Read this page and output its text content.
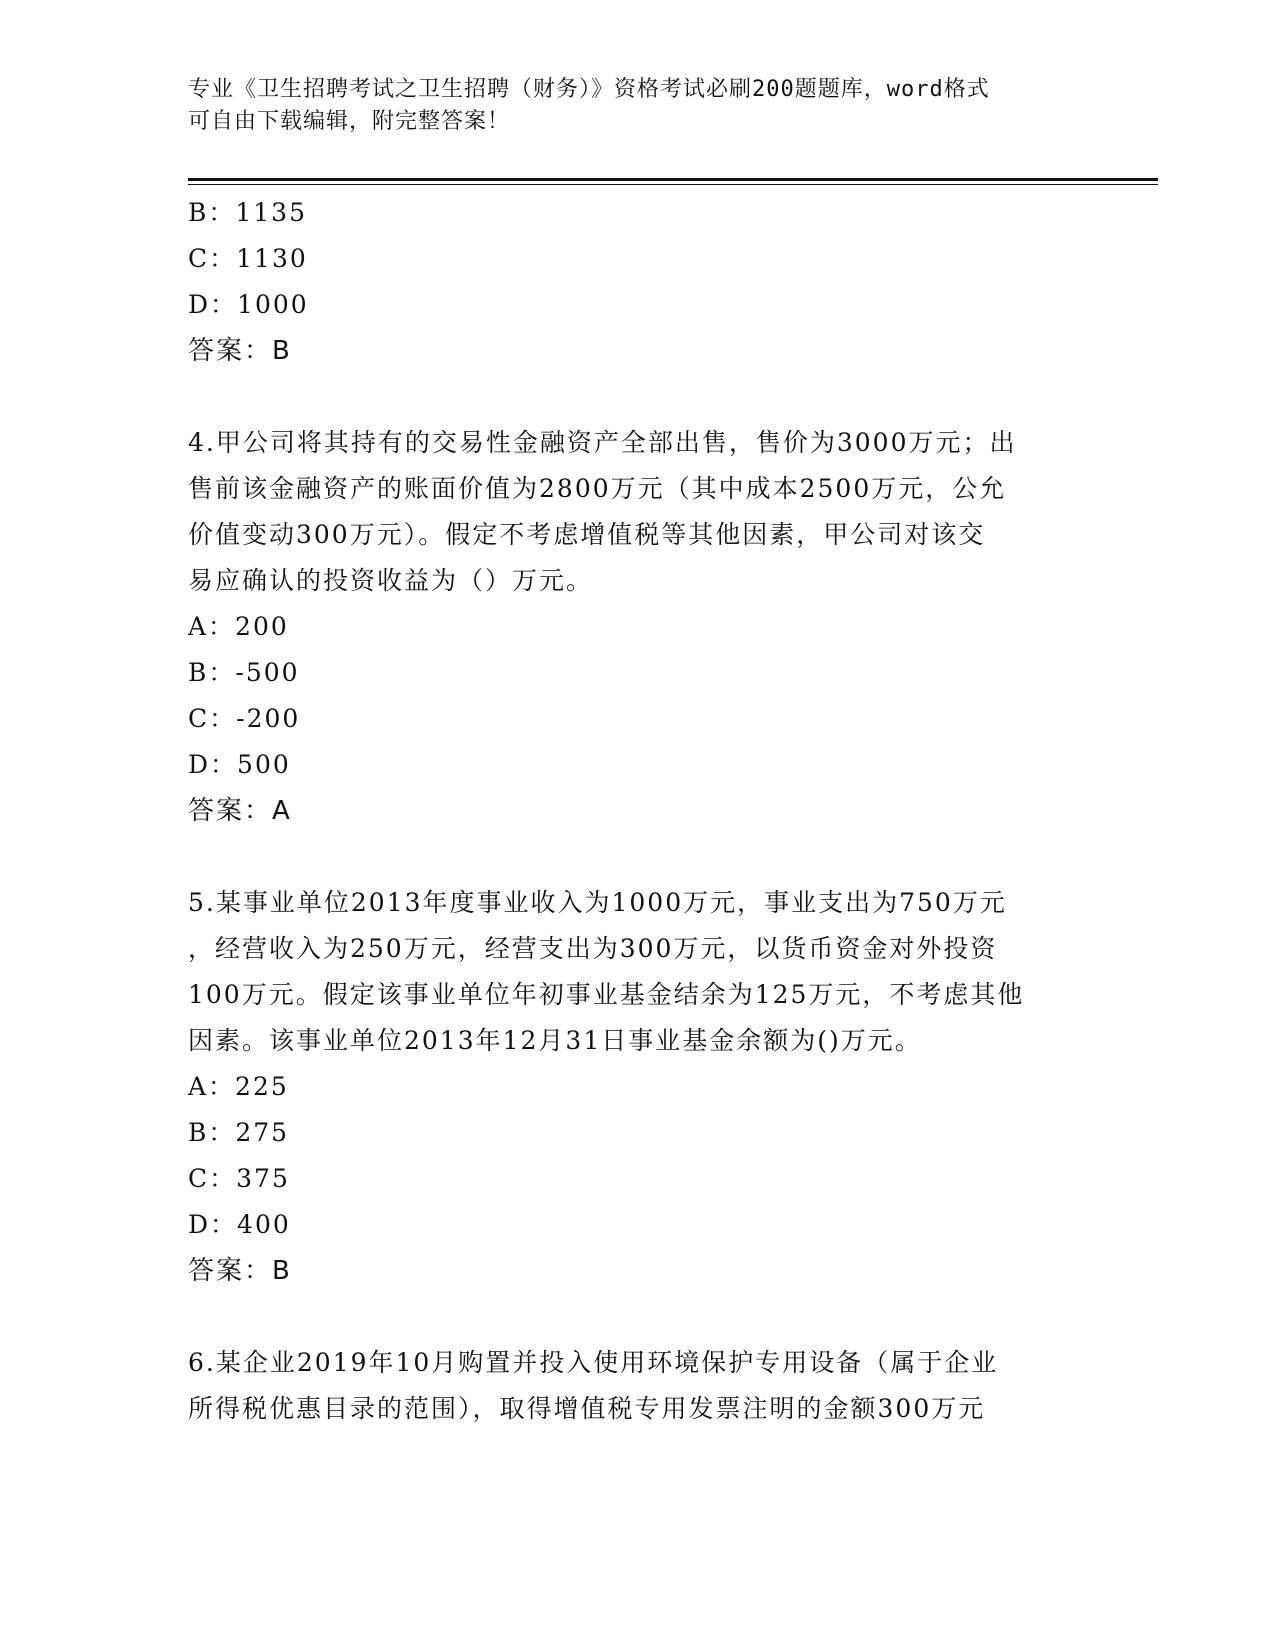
专业《卫生招聘考试之卫生招聘（财务）》资格考试必刷200题题库，word格式
可自由下载编辑，附完整答案！
B：1135
C：1130
D：1000
答案：B
4.甲公司将其持有的交易性金融资产全部出售，售价为3000万元；出
售前该金融资产的账面价值为2800万元（其中成本2500万元，公允
价值变动300万元）。假定不考虑增值税等其他因素，甲公司对该交
易应确认的投资收益为（）万元。
A：200
B：-500
C：-200
D：500
答案：A
5.某事业单位2013年度事业收入为1000万元，事业支出为750万元
，经营收入为250万元，经营支出为300万元，以货币资金对外投资
100万元。假定该事业单位年初事业基金结余为125万元，不考虑其他
因素。该事业单位2013年12月31日事业基金余额为()万元。
A：225
B：275
C：375
D：400
答案：B
6.某企业2019年10月购置并投入使用环境保护专用设备（属于企业
所得税优惠目录的范围），取得增值税专用发票注明的金额300万元
